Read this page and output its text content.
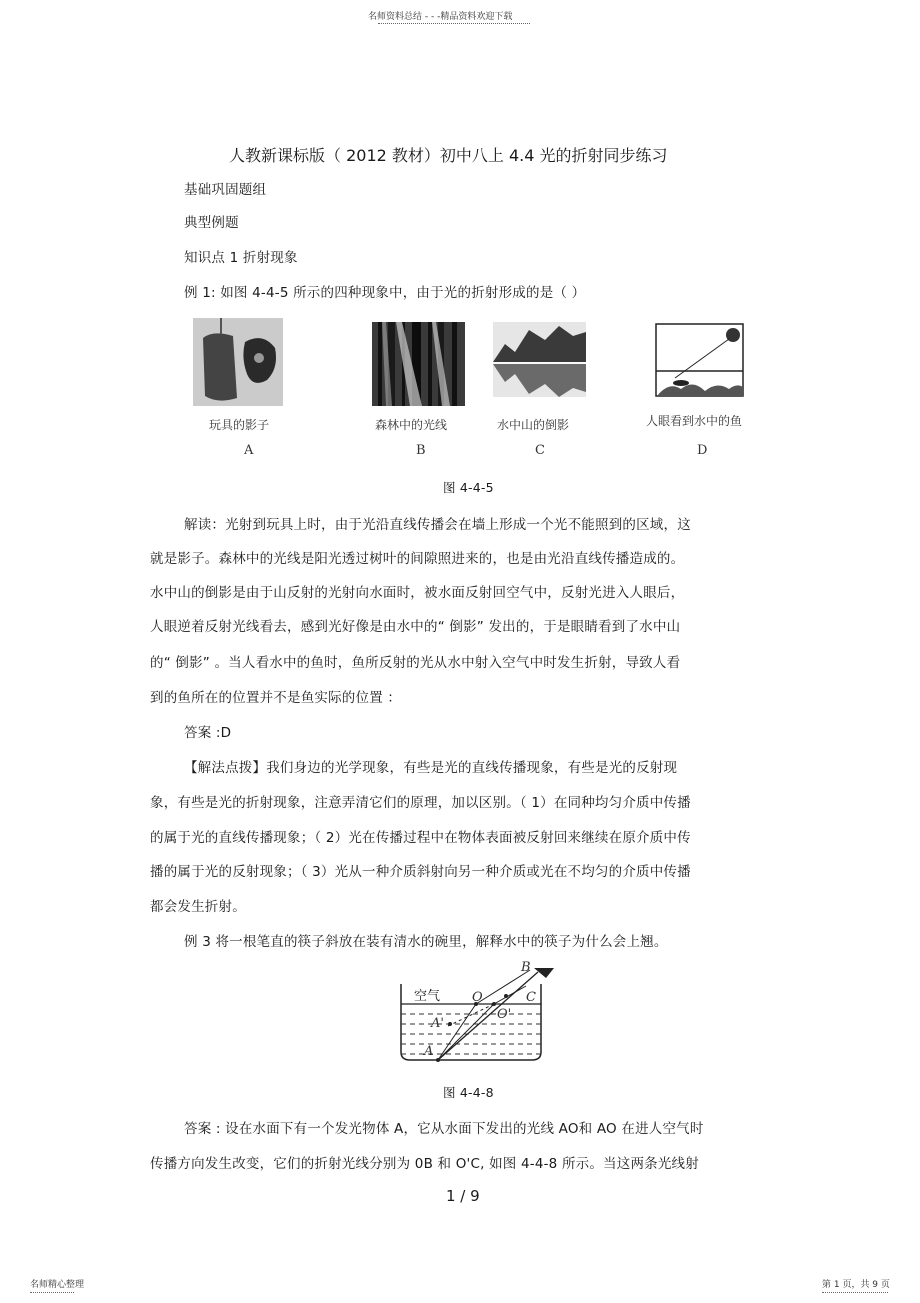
名师资料总结 - - -精品资料欢迎下载
人教新课标版（ 2012 教材）初中八上 4.4 光的折射同步练习
基础巩固题组
典型例题
知识点 1 折射现象
例 1: 如图 4-4-5 所示的四种现象中，由于光的折射形成的是（ ）
玩具的影子	森林中的光线	水中山的倒影	人眼看到水中的鱼
A	B	C	D
图 4-4-5
解读：光射到玩具上时，由于光沿直线传播会在墙上形成一个光不能照到的区域，这
就是影子。森林中的光线是阳光透过树叶的间隙照进来的，也是由光沿直线传播造成的。
水中山的倒影是由于山反射的光射向水面时，被水面反射回空气中，反射光进入人眼后，
人眼逆着反射光线看去，感到光好像是由水中的“ 倒影” 发出的，于是眼睛看到了水中山
的“ 倒影” 。当人看水中的鱼时，鱼所反射的光从水中射入空气中时发生折射，导致人看
到的鱼所在的位置并不是鱼实际的位置 ：
答案 :D
【解法点拨】我们身边的光学现象，有些是光的直线传播现象，有些是光的反射现
象，有些是光的折射现象，注意弄清它们的原理，加以区别。（ 1）在同种均匀介质中传播
的属于光的直线传播现象；（ 2）光在传播过程中在物体表面被反射回来继续在原介质中传
播的属于光的反射现象；（ 3）光从一种介质斜射向另一种介质或光在不均匀的介质中传播
都会发生折射。
例 3 将一根笔直的筷子斜放在装有清水的碗里，解释水中的筷子为什么会上翘。
空气
B
O	C
O'
A'
A
图 4-4-8
答案 : 设在水面下有一个发光物体 A，它从水面下发出的光线 AO和 AO 在进人空气时
传播方向发生改变，它们的折射光线分别为 0B 和 O'C, 如图 4-4-8 所示。当这两条光线射
1 / 9
名师精心整理	第 1 页，共 9 页
